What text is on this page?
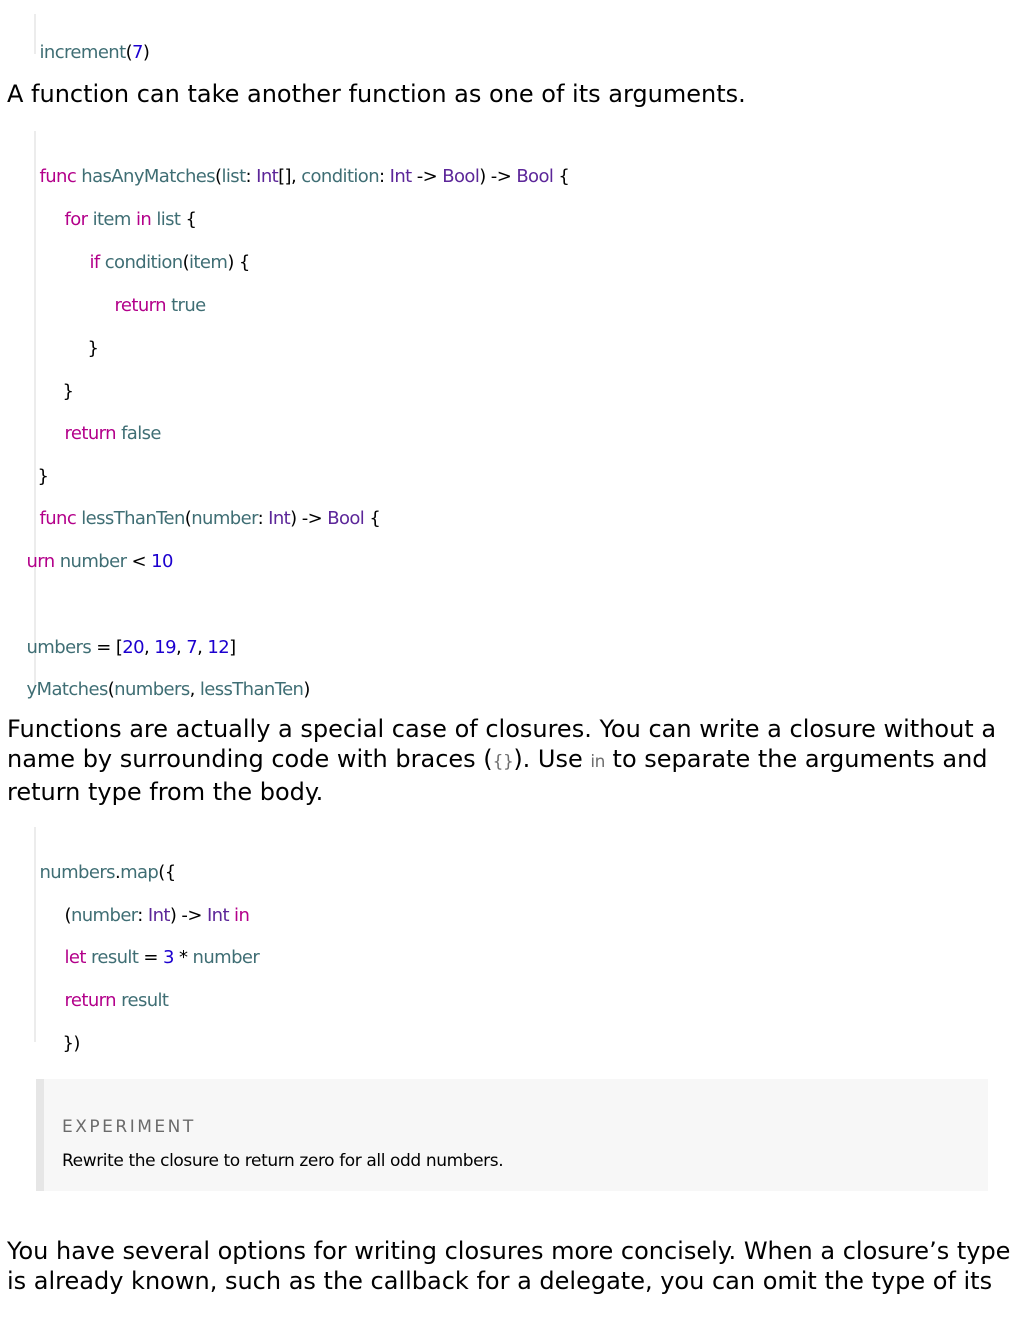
increment(7)

A function can take another function as one of its arguments.

func hasAnyMatches(list: Int[], condition: Int -> Bool) -> Bool {

for item in list {

if condition(item) {

return true

}

}

return false

}

func lessThanTen(number: Int) -> Bool {

urn number < 10

umbers = [20, 19, 7, 12]

yMatches(numbers, lessThanTen)

Functions are actually a special case of closures. You can write a closure without a name by surrounding code with braces ({}). Use in to separate the arguments and return type from the body.

numbers.map({

(number: Int) -> Int in

let result = 3 * number

return result

})

EXPERIMENT
Rewrite the closure to return zero for all odd numbers.

You have several options for writing closures more concisely. When a closure’s type is already known, such as the callback for a delegate, you can omit the type of its
